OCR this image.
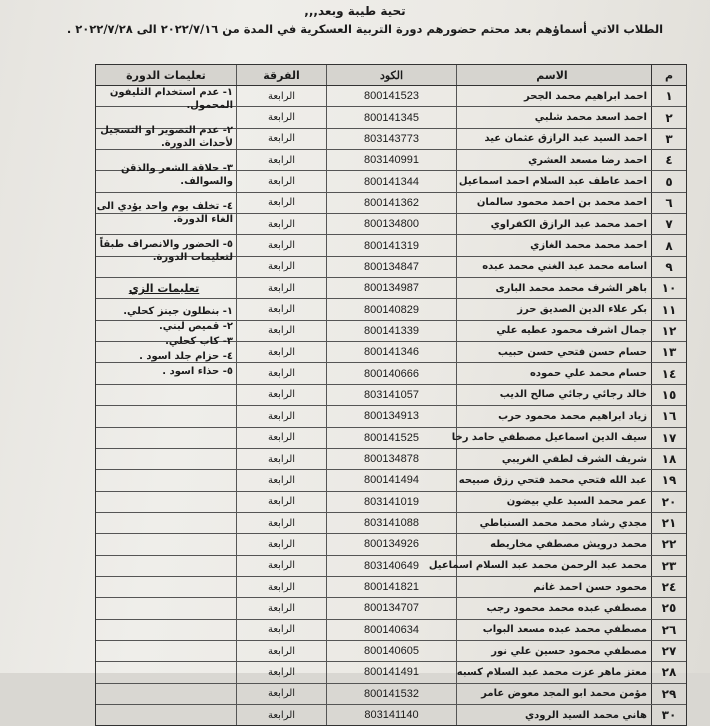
تحية طيبة وبعد,,,
الطلاب الاتي أسماؤهم بعد محتم حضورهم دورة التربية العسكرية في المدة من ٢٠٢٢/٧/١٦ الى ٢٠٢٢/٧/٢٨ .
م
الاسم
الكود
الفرقة
تعليمات الدورة
١
احمد ابراهيم محمد الجحر
800141523
الرابعة
٢
احمد اسعد محمد شلبي
800141345
الرابعة
٣
احمد السيد عبد الرازق عثمان عيد
803143773
الرابعة
٤
احمد رضا مسعد العشري
803140991
الرابعة
٥
احمد عاطف عبد السلام احمد اسماعيل
800141344
الرابعة
٦
احمد محمد بن احمد محمود سالمان
800141362
الرابعة
٧
احمد محمد عبد الرازق الكفراوي
800134800
الرابعة
٨
احمد محمد محمد الغازي
800141319
الرابعة
٩
اسامه محمد عبد الغني محمد عبده
800134847
الرابعة
١٠
باهر الشرف محمد محمد البارى
800134987
الرابعة
١١
بكر علاء الدين الصديق حرز
800140829
الرابعة
١٢
جمال اشرف محمود عطيه علي
800141339
الرابعة
١٣
حسام حسن فتحي حسن حبيب
800141346
الرابعة
١٤
حسام محمد علي حموده
800140666
الرابعة
١٥
خالد رجائي رجائي صالح الديب
803141057
الرابعة
١٦
زياد ابراهيم محمد محمود حرب
800134913
الرابعة
١٧
سيف الدين اسماعيل مصطفي حامد رخا
800141525
الرابعة
١٨
شريف الشرف لطفي الغريبي
800134878
الرابعة
١٩
عبد الله فتحي محمد فتحي رزق صبيحه
800141494
الرابعة
٢٠
عمر محمد السيد علي بيضون
803141019
الرابعة
٢١
مجدي رشاد محمد محمد السنباطي
803141088
الرابعة
٢٢
محمد درويش مصطفي مخاريطه
800134926
الرابعة
٢٣
محمد عبد الرحمن محمد عبد السلام اسماعيل
803140649
الرابعة
٢٤
محمود حسن احمد غانم
800141821
الرابعة
٢٥
مصطفي عبده محمد محمود رجب
800134707
الرابعة
٢٦
مصطفي محمد عبده مسعد البواب
800140634
الرابعة
٢٧
مصطفي محمود حسين علي نور
800140605
الرابعة
٢٨
معتز ماهر عزت محمد عبد السلام كسبه
800141491
الرابعة
٢٩
مؤمن محمد ابو المجد معوض عامر
800141532
الرابعة
٣٠
هاني محمد السيد الرودي
803141140
الرابعة

١- عدم استخدام التليفون المحمول.

٢- عدم التصوير او التسجيل لأحداث الدورة.

٣- حلاقة الشعر والذقن والسوالف.

٤- تخلف يوم واحد يؤدي الى الغاء الدورة.

٥- الحضور والانصراف طبقاً لتعليمات الدورة.

تعليمات الزي
١- بنطلون جينز كحلي.
٢- قميص لبني.
٣- كاب كحلي.
٤- حزام جلد اسود .
٥- حذاء اسود .
